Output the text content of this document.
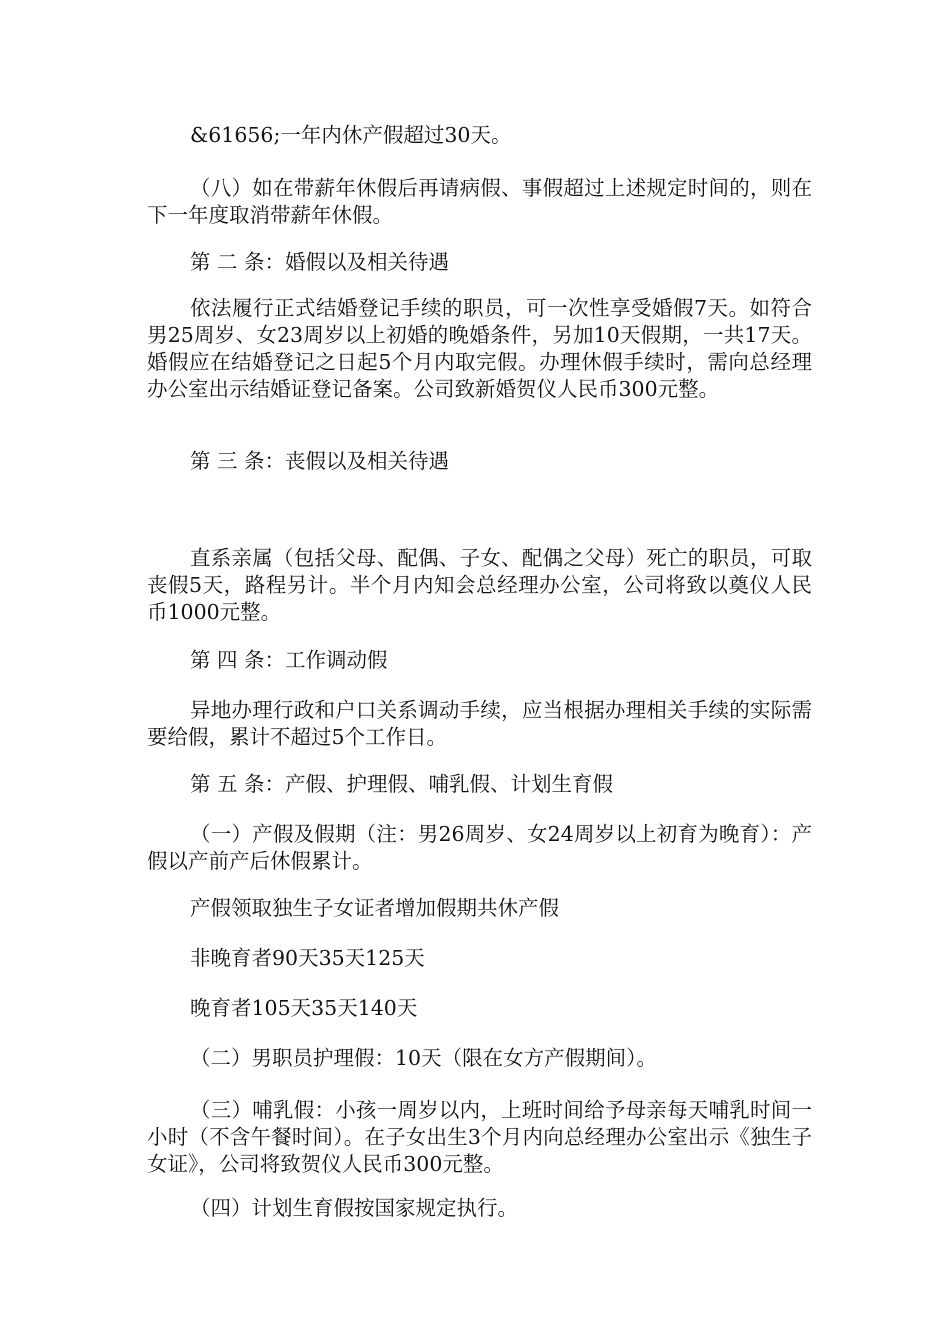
&61656;一年内休产假超过30天。

（八）如在带薪年休假后再请病假、事假超过上述规定时间的，则在下一年度取消带薪年休假。

第 二 条：婚假以及相关待遇

依法履行正式结婚登记手续的职员，可一次性享受婚假7天。如符合男25周岁、女23周岁以上初婚的晚婚条件，另加10天假期，一共17天。婚假应在结婚登记之日起5个月内取完假。办理休假手续时，需向总经理办公室出示结婚证登记备案。公司致新婚贺仪人民币300元整。

第 三 条：丧假以及相关待遇

直系亲属（包括父母、配偶、子女、配偶之父母）死亡的职员，可取 丧假5天，路程另计。半个月内知会总经理办公室，公司将致以奠仪人民币1000元整。

第 四 条：工作调动假

异地办理行政和户口关系调动手续，应当根据办理相关手续的实际需要给假，累计不超过5个工作日。

第 五 条：产假、护理假、哺乳假、计划生育假

（一）产假及假期（注：男26周岁、女24周岁以上初育为晚育）：产假以产前产后休假累计。

产假领取独生子女证者增加假期共休产假

非晚育者90天35天125天

晚育者105天35天140天

（二）男职员护理假：10天（限在女方产假期间）。

（三）哺乳假：小孩一周岁以内，上班时间给予母亲每天哺乳时间一小时（不含午餐时间）。在子女出生3个月内向总经理办公室出示《独生子女证》，公司将致贺仪人民币300元整。

（四）计划生育假按国家规定执行。
